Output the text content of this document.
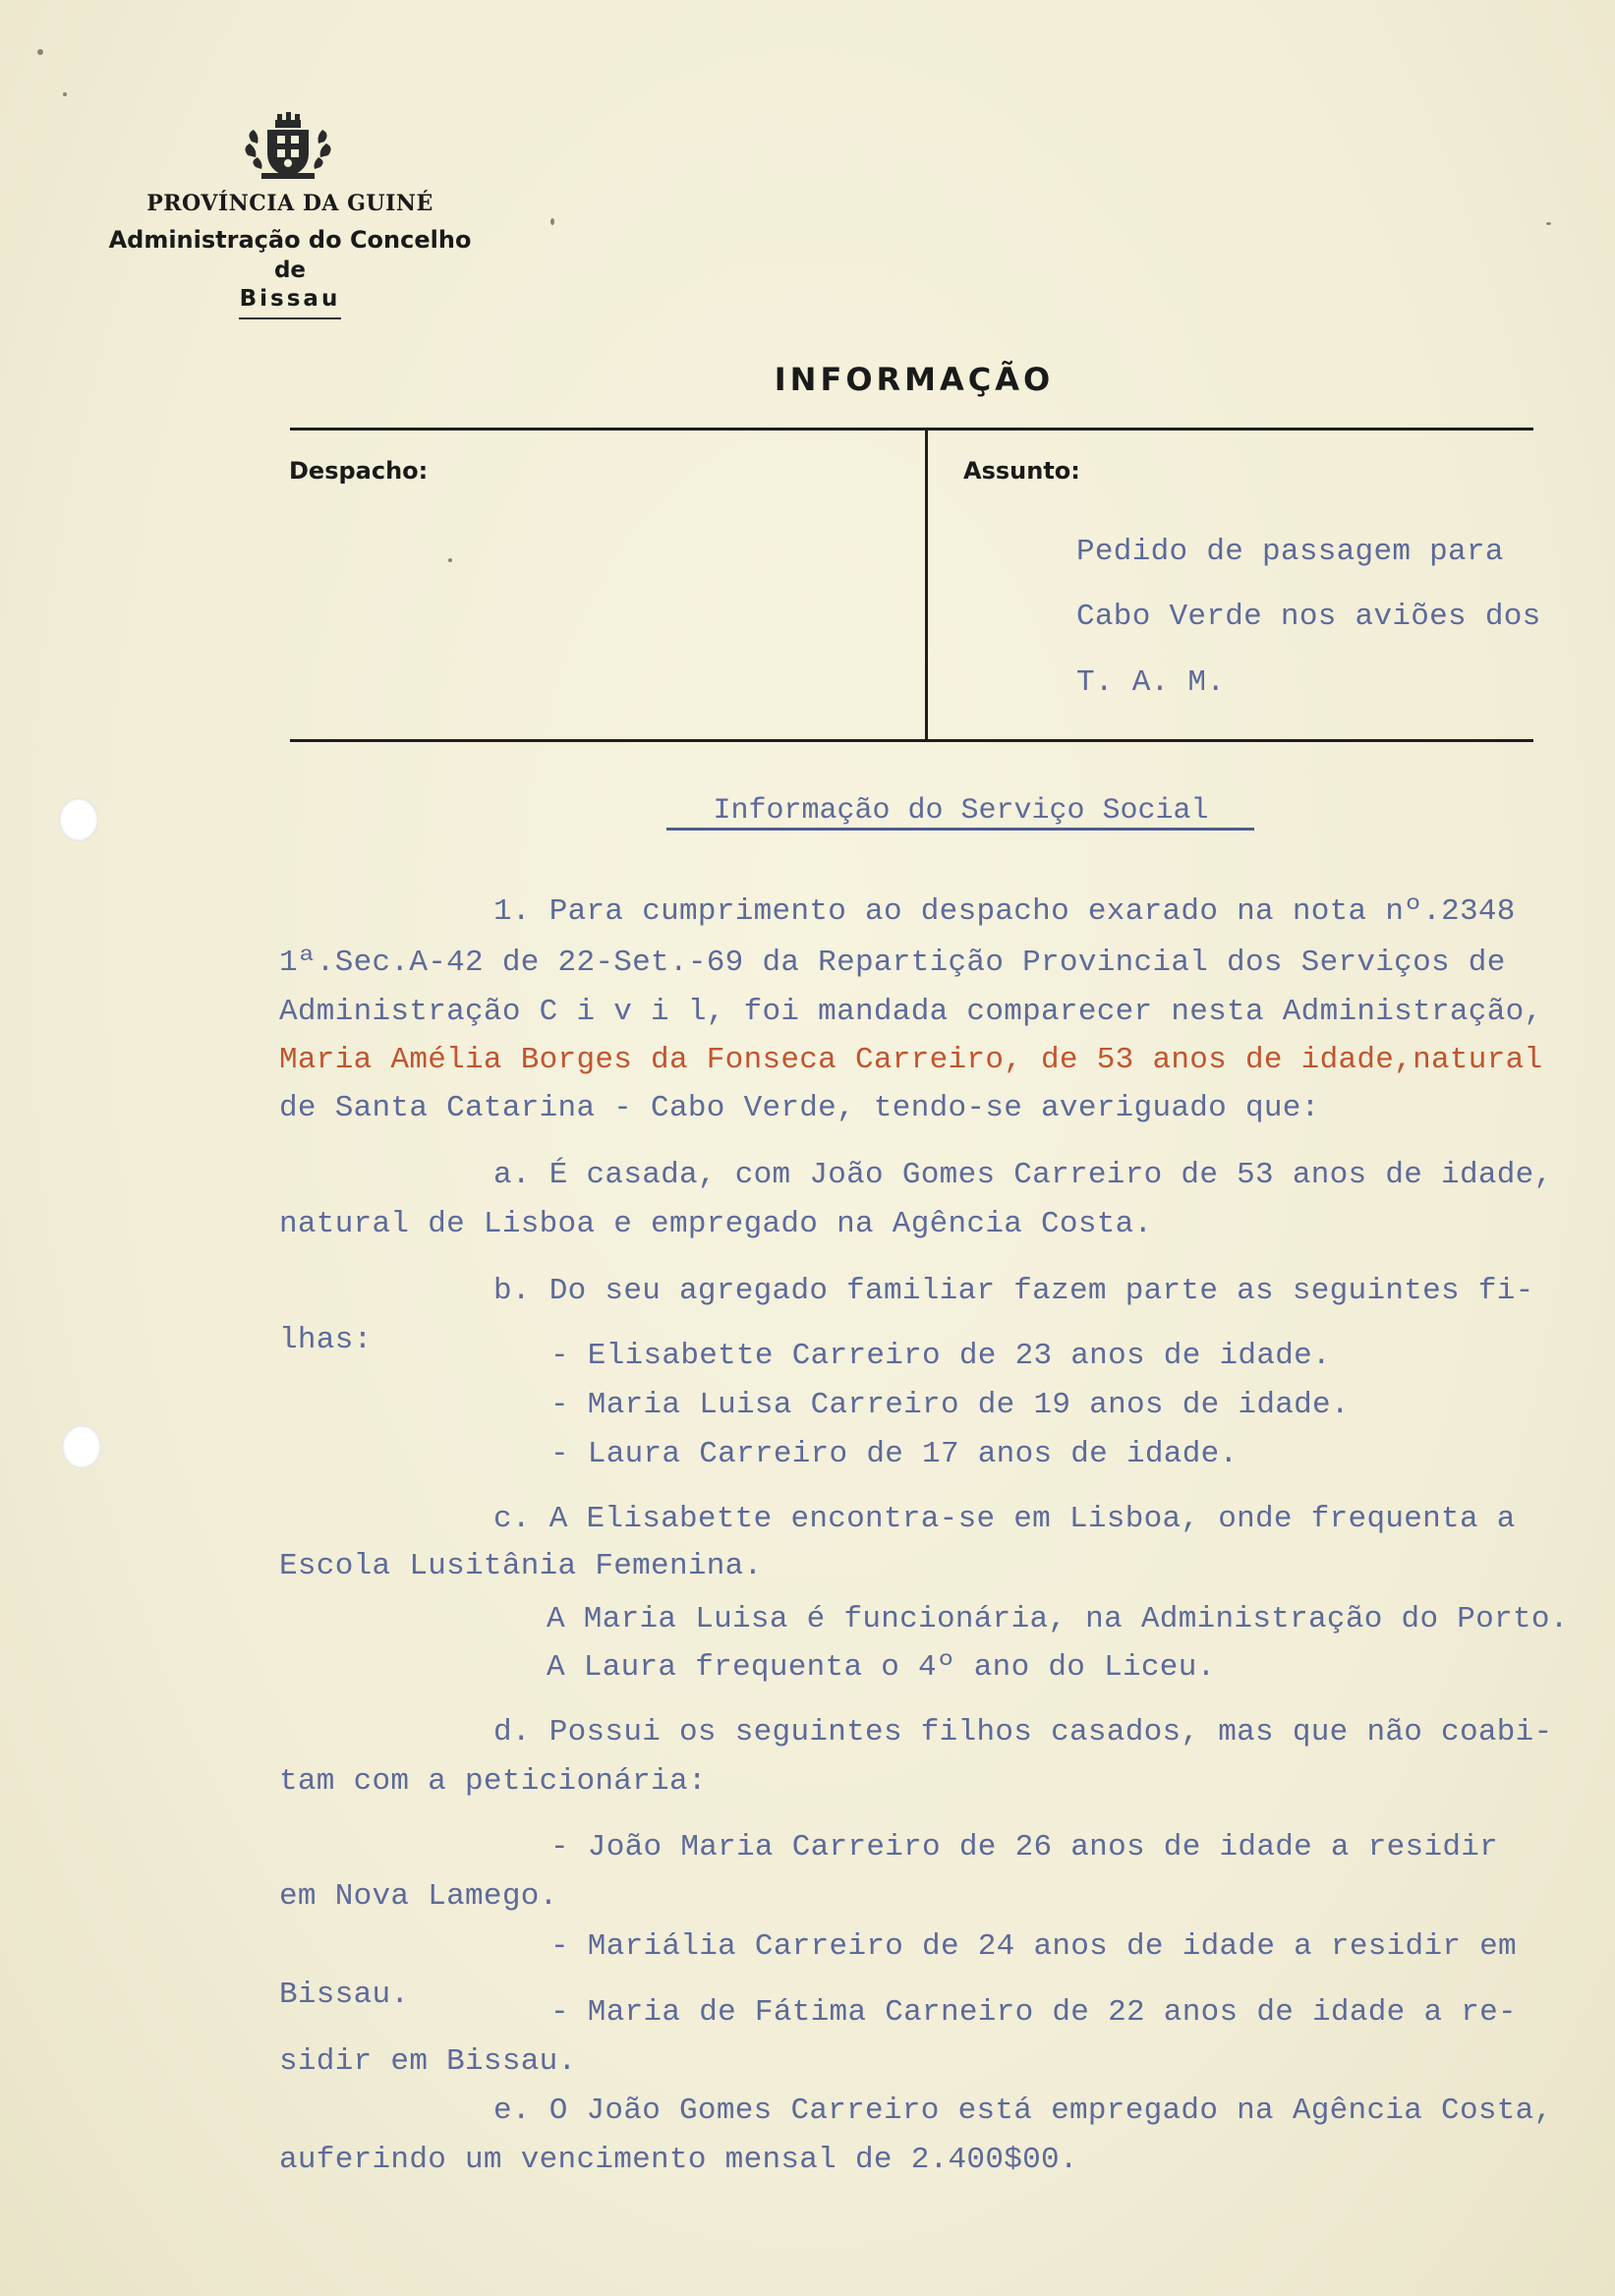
PROVÍNCIA DA GUINÉ
Administração do Concelho
de
Bissau
INFORMAÇÃO
Despacho:	Assunto:
Pedido de passagem para
Cabo Verde nos aviões dos
T. A. M.
Informação do Serviço Social
1. Para cumprimento ao despacho exarado na nota nº.2348
1ª.Sec.A-42 de 22-Set.-69 da Repartição Provincial dos Serviços de
Administração C i v i l, foi mandada comparecer nesta Administração,
Maria Amélia Borges da Fonseca Carreiro, de 53 anos de idade,natural
de Santa Catarina - Cabo Verde, tendo-se averiguado que:
a. É casada, com João Gomes Carreiro de 53 anos de idade,
natural de Lisboa e empregado na Agência Costa.
b. Do seu agregado familiar fazem parte as seguintes fi-
lhas:	- Elisabette Carreiro de 23 anos de idade.
- Maria Luisa Carreiro de 19 anos de idade.
- Laura Carreiro de 17 anos de idade.
c. A Elisabette encontra-se em Lisboa, onde frequenta a
Escola Lusitânia Femenina.
A Maria Luisa é funcionária, na Administração do Porto.
A Laura frequenta o 4º ano do Liceu.
d. Possui os seguintes filhos casados, mas que não coabi-
tam com a peticionária:
- João Maria Carreiro de 26 anos de idade a residir
em Nova Lamego.
- Mariália Carreiro de 24 anos de idade a residir em
Bissau.
- Maria de Fátima Carneiro de 22 anos de idade a re-
sidir em Bissau.
e. O João Gomes Carreiro está empregado na Agência Costa,
auferindo um vencimento mensal de 2.400$00.
